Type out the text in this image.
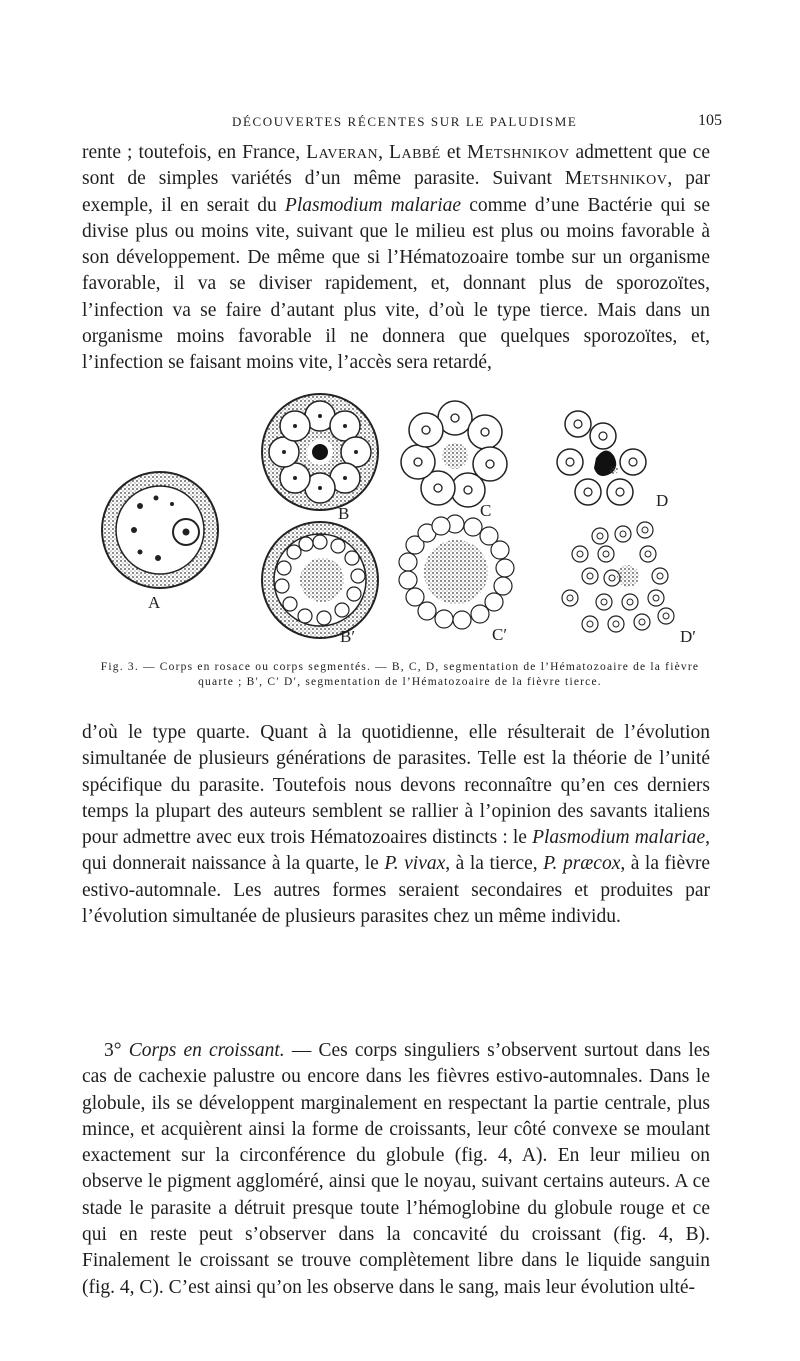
DÉCOUVERTES RÉCENTES SUR LE PALUDISME	105

rente ; toutefois, en France, Laveran, Labbé et Metshnikov admettent que ce sont de simples variétés d’un même parasite. Suivant Metshnikov, par exemple, il en serait du Plasmodium malariae comme d’une Bactérie qui se divise plus ou moins vite, suivant que le milieu est plus ou moins favorable à son développement. De même que si l’Hématozoaire tombe sur un organisme favorable, il va se diviser rapidement, et, donnant plus de sporozoïtes, l’infection va se faire d’autant plus vite, d’où le type tierce. Mais dans un organisme moins favorable il ne donnera que quelques sporozoïtes, et, l’infection se faisant moins vite, l’accès sera retardé,

A
B
B′
C
C′
D
D′
Fig. 3. — Corps en rosace ou corps segmentés. — B, C, D, segmentation de l’Hématozoaire de la fièvre quarte ; B′, C′ D′, segmentation de l’Hématozoaire de la fièvre tierce.

d’où le type quarte. Quant à la quotidienne, elle résulterait de l’évolution simultanée de plusieurs générations de parasites. Telle est la théorie de l’unité spécifique du parasite. Toutefois nous devons reconnaître qu’en ces derniers temps la plupart des auteurs semblent se rallier à l’opinion des savants italiens pour admettre avec eux trois Hématozoaires distincts : le Plasmodium malariae, qui donnerait naissance à la quarte, le P. vivax, à la tierce, P. præcox, à la fièvre estivo-automnale. Les autres formes seraient secondaires et produites par l’évolution simultanée de plusieurs parasites chez un même individu.

3° Corps en croissant. — Ces corps singuliers s’observent surtout dans les cas de cachexie palustre ou encore dans les fièvres estivo-automnales. Dans le globule, ils se développent marginalement en respectant la partie centrale, plus mince, et acquièrent ainsi la forme de croissants, leur côté convexe se moulant exactement sur la circonférence du globule (fig. 4, A). En leur milieu on observe le pigment aggloméré, ainsi que le noyau, suivant certains auteurs. A ce stade le parasite a détruit presque toute l’hémoglobine du globule rouge et ce qui en reste peut s’observer dans la concavité du croissant (fig. 4, B). Finalement le croissant se trouve complètement libre dans le liquide sanguin (fig. 4, C). C’est ainsi qu’on les observe dans le sang, mais leur évolution ulté-
